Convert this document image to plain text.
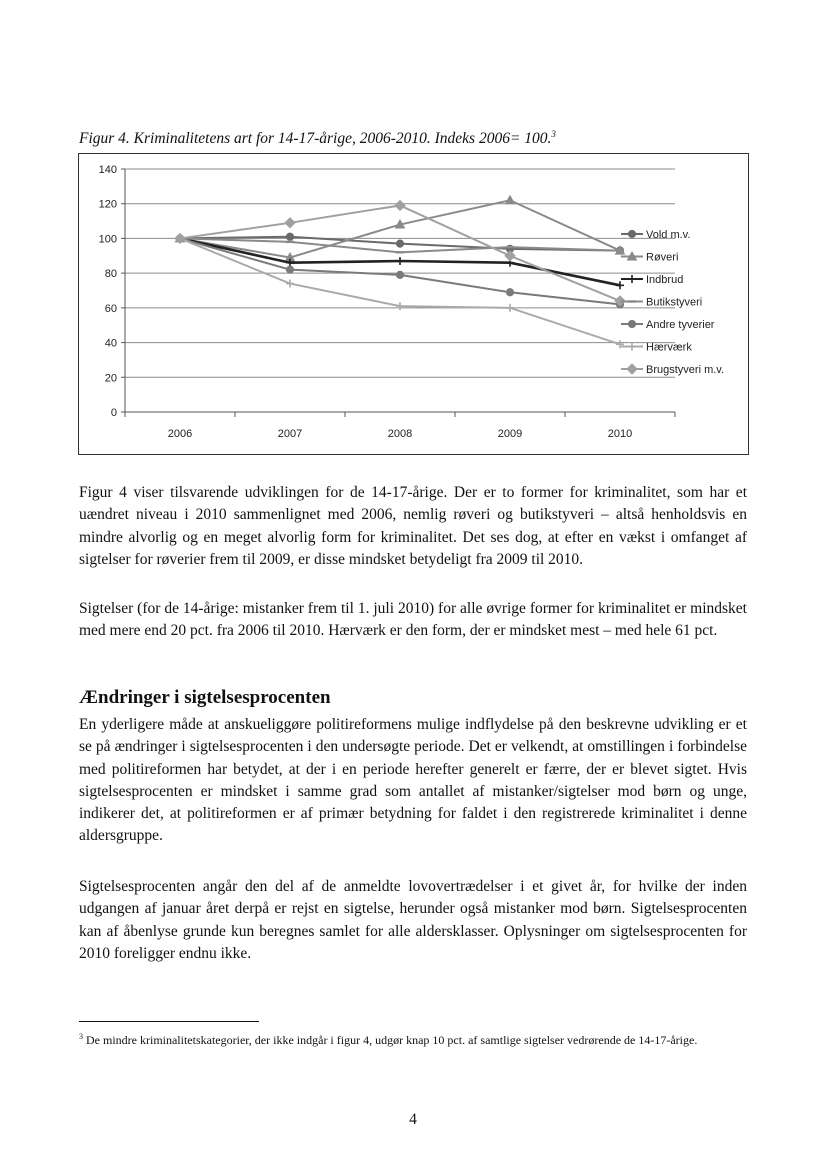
Figur 4. Kriminalitetens art for 14-17-årige, 2006-2010. Indeks 2006= 100.$^3$
0
20
40
60
80
100
120
140
2006	2007	2008	2009	2010
Vold m.v.
Røveri
Indbrud
Butikstyveri
Andre tyverier
Hærværk
Brugstyveri m.v.

Figur 4 viser tilsvarende udviklingen for de 14-17-årige. Der er to former for kriminalitet, som har et uændret niveau i 2010 sammenlignet med 2006, nemlig røveri og butikstyveri – altså henholdsvis en mindre alvorlig og en meget alvorlig form for kriminalitet. Det ses dog, at efter en vækst i omfanget af sigtelser for røverier frem til 2009, er disse mindsket betydeligt fra 2009 til 2010.

Sigtelser (for de 14-årige: mistanker frem til 1. juli 2010) for alle øvrige former for kriminalitet er mindsket med mere end 20 pct. fra 2006 til 2010. Hærværk er den form, der er mindsket mest – med hele 61 pct.

Ændringer i sigtelsesprocenten

En yderligere måde at anskueliggøre politireformens mulige indflydelse på den beskrevne udvikling er et se på ændringer i sigtelsesprocenten i den undersøgte periode. Det er velkendt, at omstillingen i forbindelse med politireformen har betydet, at der i en periode herefter generelt er færre, der er blevet sigtet. Hvis sigtelsesprocenten er mindsket i samme grad som antallet af mistanker/sigtelser mod børn og unge, indikerer det, at politireformen er af primær betydning for faldet i den registrerede kriminalitet i denne aldersgruppe.

Sigtelsesprocenten angår den del af de anmeldte lovovertrædelser i et givet år, for hvilke der inden udgangen af januar året derpå er rejst en sigtelse, herunder også mistanker mod børn. Sigtelsesprocenten kan af åbenlyse grunde kun beregnes samlet for alle aldersklasser. Oplysninger om sigtelsesprocenten for 2010 foreligger endnu ikke.

$^3$ De mindre kriminalitetskategorier, der ikke indgår i figur 4, udgør knap 10 pct. af samtlige sigtelser vedrørende de 14-17-årige.

4
